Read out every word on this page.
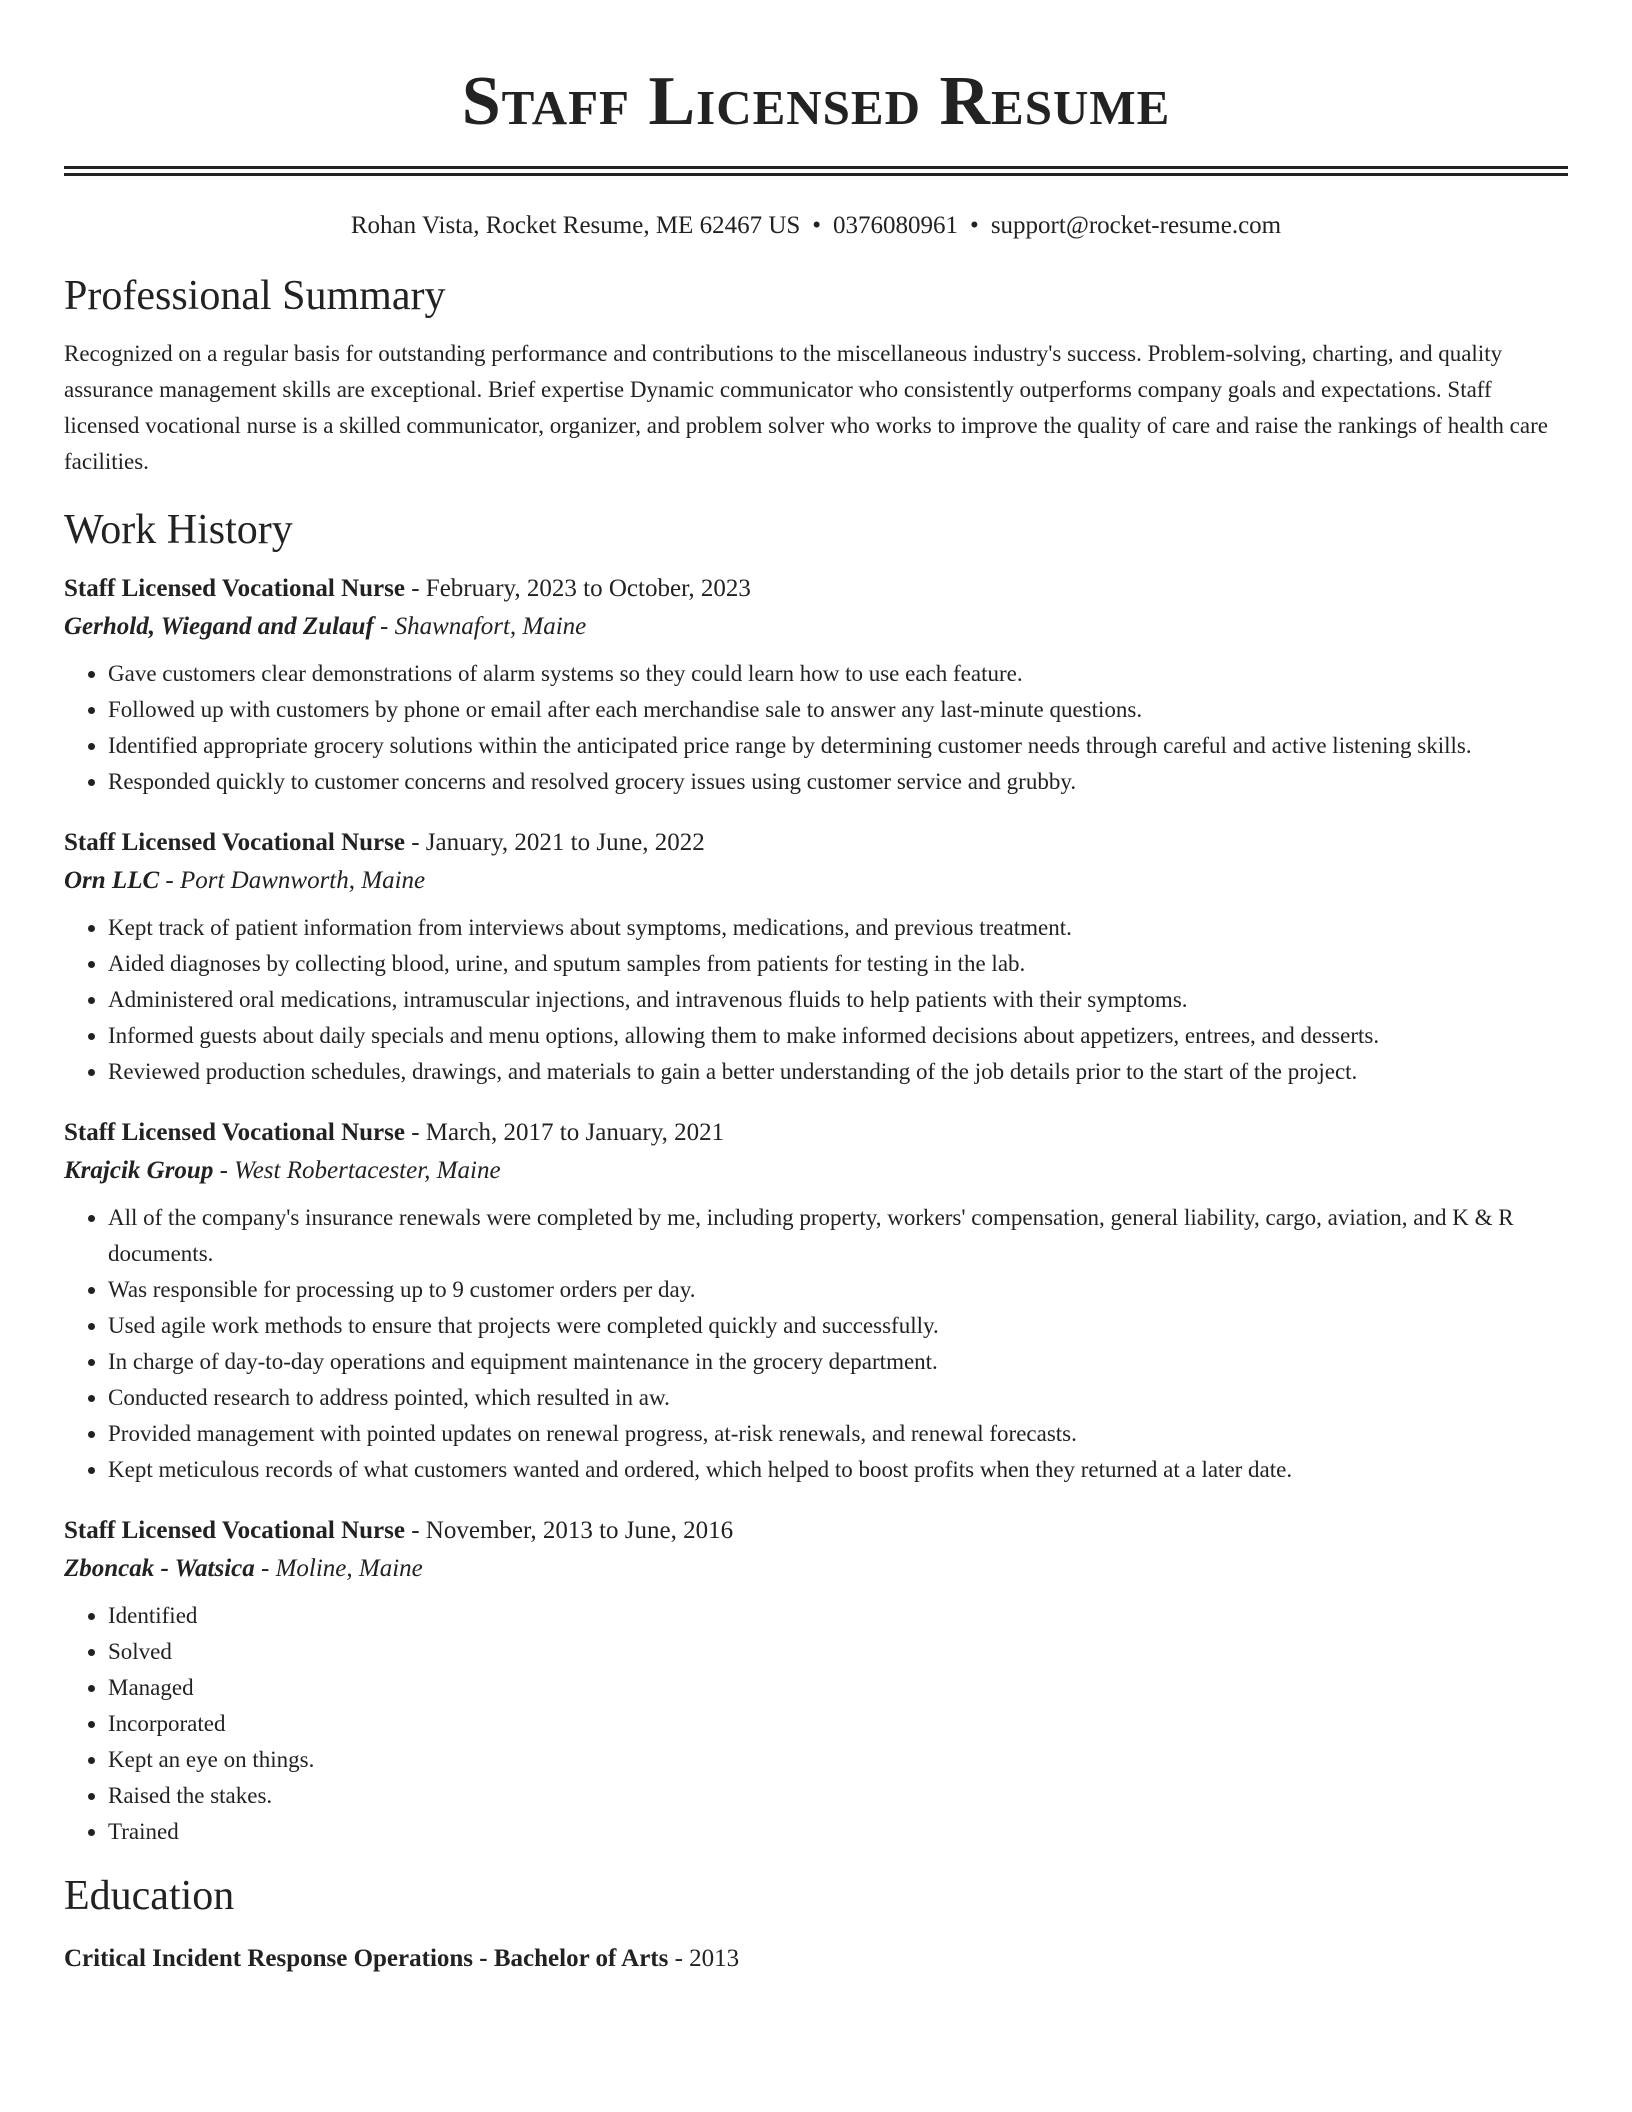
Staff Licensed Resume
Rohan Vista, Rocket Resume, ME 62467 US • 0376080961 • support@rocket-resume.com
Professional Summary

Recognized on a regular basis for outstanding performance and contributions to the miscellaneous industry's success. Problem-solving, charting, and quality assurance management skills are exceptional. Brief expertise Dynamic communicator who consistently outperforms company goals and expectations. Staff licensed vocational nurse is a skilled communicator, organizer, and problem solver who works to improve the quality of care and raise the rankings of health care facilities.

Work History
Staff Licensed Vocational Nurse - February, 2023 to October, 2023
Gerhold, Wiegand and Zulauf - Shawnafort, Maine
• Gave customers clear demonstrations of alarm systems so they could learn how to use each feature.
• Followed up with customers by phone or email after each merchandise sale to answer any last-minute questions.
• Identified appropriate grocery solutions within the anticipated price range by determining customer needs through careful and active listening skills.
• Responded quickly to customer concerns and resolved grocery issues using customer service and grubby.
Staff Licensed Vocational Nurse - January, 2021 to June, 2022
Orn LLC - Port Dawnworth, Maine
• Kept track of patient information from interviews about symptoms, medications, and previous treatment.
• Aided diagnoses by collecting blood, urine, and sputum samples from patients for testing in the lab.
• Administered oral medications, intramuscular injections, and intravenous fluids to help patients with their symptoms.
• Informed guests about daily specials and menu options, allowing them to make informed decisions about appetizers, entrees, and desserts.
• Reviewed production schedules, drawings, and materials to gain a better understanding of the job details prior to the start of the project.
Staff Licensed Vocational Nurse - March, 2017 to January, 2021
Krajcik Group - West Robertacester, Maine
• All of the company's insurance renewals were completed by me, including property, workers' compensation, general liability, cargo, aviation, and K & R documents.
• Was responsible for processing up to 9 customer orders per day.
• Used agile work methods to ensure that projects were completed quickly and successfully.
• In charge of day-to-day operations and equipment maintenance in the grocery department.
• Conducted research to address pointed, which resulted in aw.
• Provided management with pointed updates on renewal progress, at-risk renewals, and renewal forecasts.
• Kept meticulous records of what customers wanted and ordered, which helped to boost profits when they returned at a later date.
Staff Licensed Vocational Nurse - November, 2013 to June, 2016
Zboncak - Watsica - Moline, Maine
• Identified
• Solved
• Managed
• Incorporated
• Kept an eye on things.
• Raised the stakes.
• Trained
Education
Critical Incident Response Operations - Bachelor of Arts - 2013
